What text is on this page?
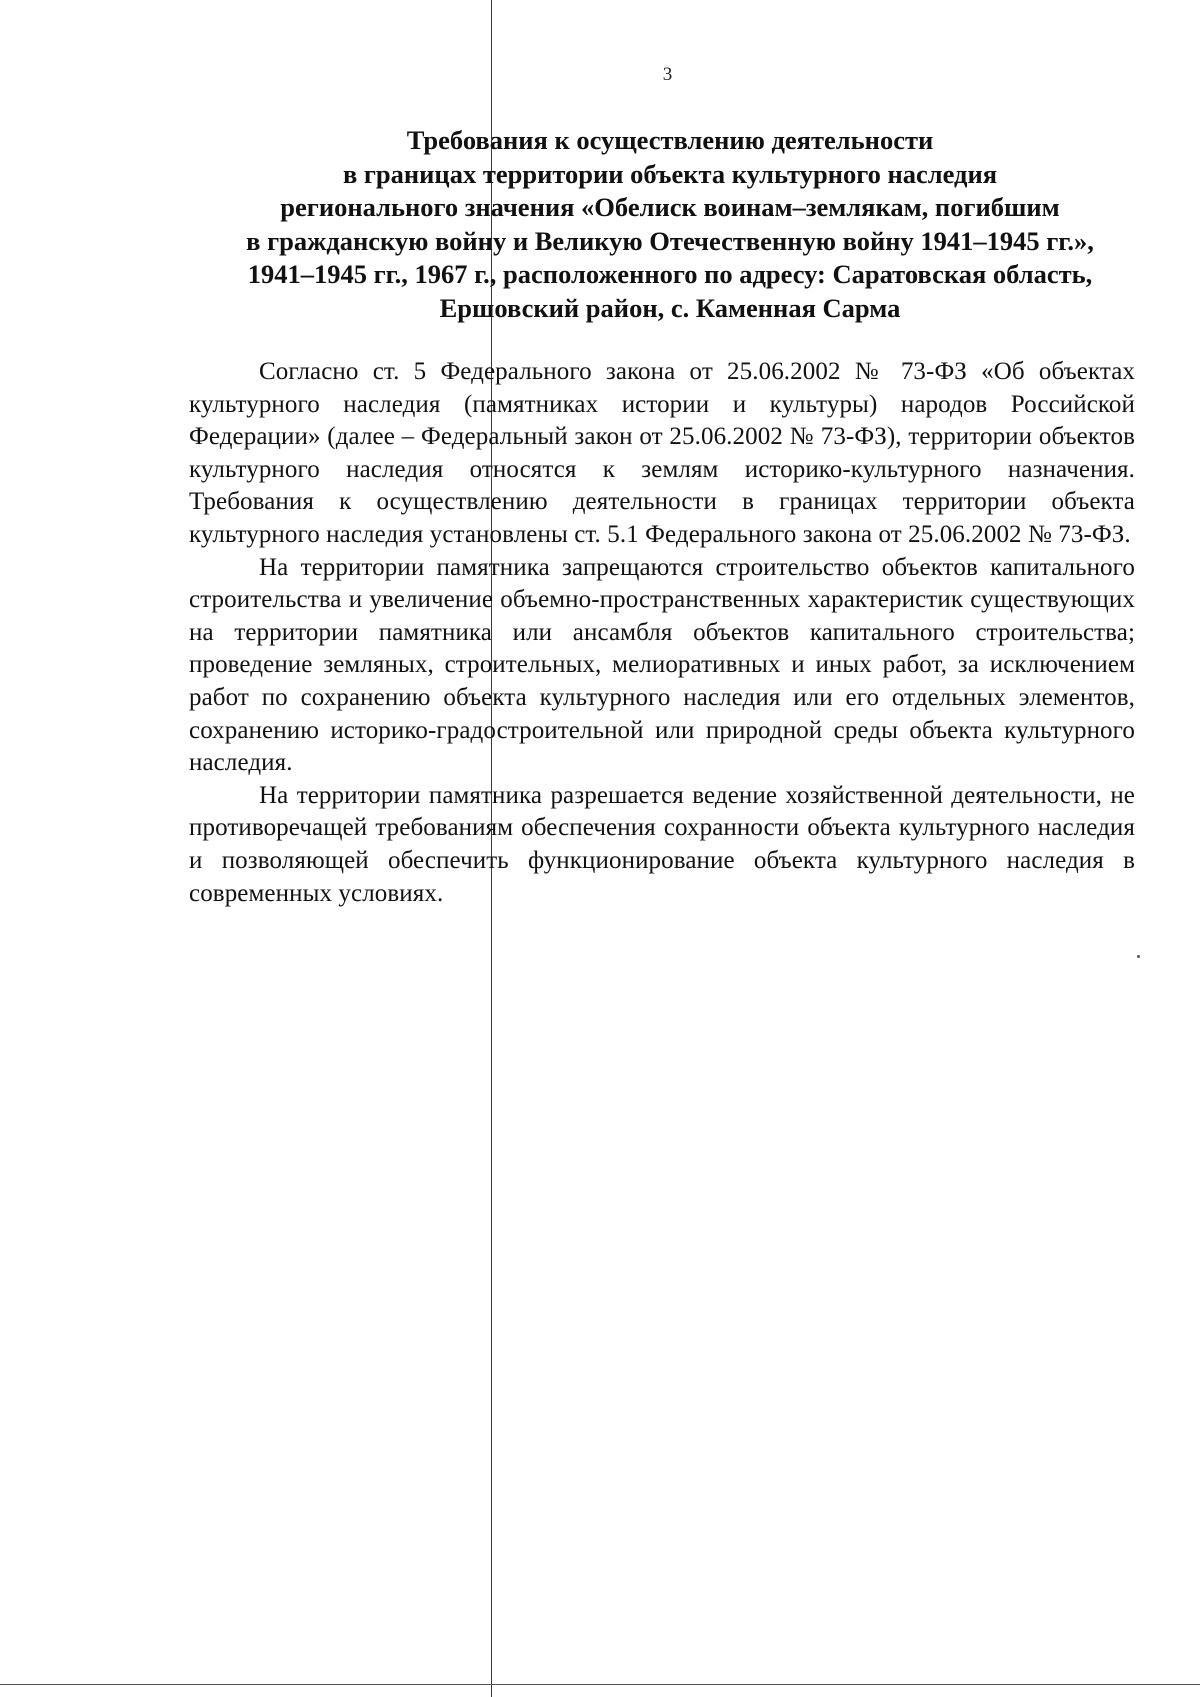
3

Требования к осуществлению деятельности
в границах территории объекта культурного наследия
регионального значения «Обелиск воинам–землякам, погибшим
в гражданскую войну и Великую Отечественную войну 1941–1945 гг.»,
1941–1945 гг., 1967 г., расположенного по адресу: Саратовская область,
Ершовский район, с. Каменная Сарма

Согласно ст. 5 Федерального закона от 25.06.2002 № 73-ФЗ «Об объектах культурного наследия (памятниках истории и культуры) народов Российской Федерации» (далее – Федеральный закон от 25.06.2002 № 73-ФЗ), территории объектов культурного наследия относятся к землям историко-культурного назначения. Требования к осуществлению деятельности в границах территории объекта культурного наследия установлены ст. 5.1 Федерального закона от 25.06.2002 № 73-ФЗ.

На территории памятника запрещаются строительство объектов капитального строительства и увеличение объемно-пространственных характеристик существующих на территории памятника или ансамбля объектов капитального строительства; проведение земляных, строительных, мелиоративных и иных работ, за исключением работ по сохранению объекта культурного наследия или его отдельных элементов, сохранению историко-градостроительной или природной среды объекта культурного наследия.

На территории памятника разрешается ведение хозяйственной деятельности, не противоречащей требованиям обеспечения сохранности объекта культурного наследия и позволяющей обеспечить функционирование объекта культурного наследия в современных условиях.
